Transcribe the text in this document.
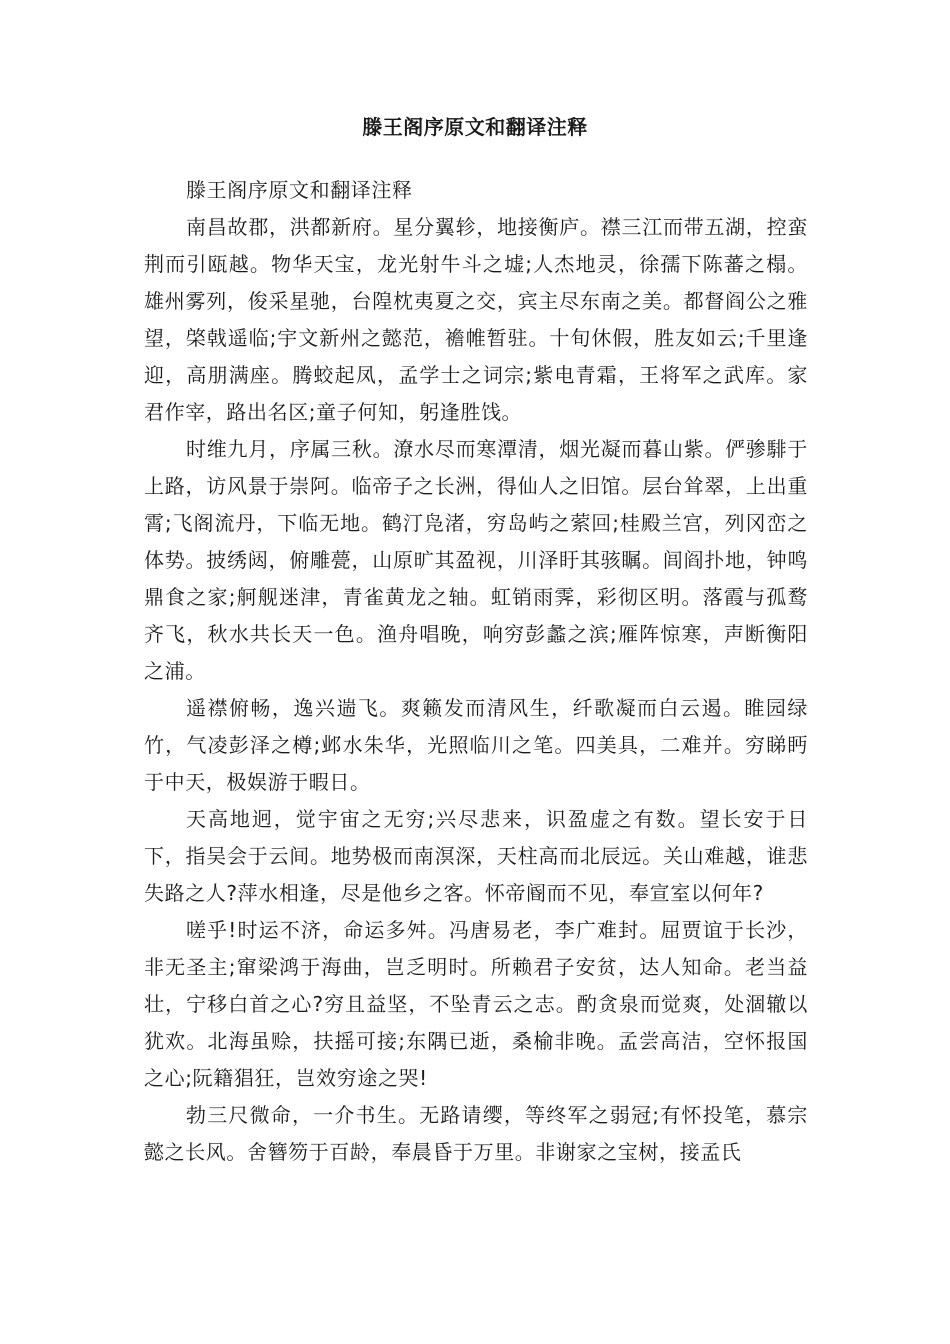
滕王阁序原文和翻译注释

滕王阁序原文和翻译注释

南昌故郡，洪都新府。星分翼轸，地接衡庐。襟三江而带五湖，控蛮荆而引瓯越。物华天宝，龙光射牛斗之墟;人杰地灵，徐孺下陈蕃之榻。雄州雾列，俊采星驰，台隍枕夷夏之交，宾主尽东南之美。都督阎公之雅望，棨戟遥临;宇文新州之懿范，襜帷暂驻。十旬休假，胜友如云;千里逢迎，高朋满座。腾蛟起凤，孟学士之词宗;紫电青霜，王将军之武库。家君作宰，路出名区;童子何知，躬逢胜饯。

时维九月，序属三秋。潦水尽而寒潭清，烟光凝而暮山紫。俨骖騑于上路，访风景于崇阿。临帝子之长洲，得仙人之旧馆。层台耸翠，上出重霄;飞阁流丹，下临无地。鹤汀凫渚，穷岛屿之萦回;桂殿兰宫，列冈峦之体势。披绣闼，俯雕甍，山原旷其盈视，川泽盱其骇瞩。闾阎扑地，钟鸣鼎食之家;舸舰迷津，青雀黄龙之轴。虹销雨霁，彩彻区明。落霞与孤鹜齐飞，秋水共长天一色。渔舟唱晚，响穷彭蠡之滨;雁阵惊寒，声断衡阳之浦。

遥襟俯畅，逸兴遄飞。爽籁发而清风生，纤歌凝而白云遏。睢园绿竹，气凌彭泽之樽;邺水朱华，光照临川之笔。四美具，二难并。穷睇眄于中天，极娱游于暇日。

天高地迥，觉宇宙之无穷;兴尽悲来，识盈虚之有数。望长安于日下，指吴会于云间。地势极而南溟深，天柱高而北辰远。关山难越，谁悲失路之人?萍水相逢，尽是他乡之客。怀帝阍而不见，奉宣室以何年?

嗟乎!时运不济，命运多舛。冯唐易老，李广难封。屈贾谊于长沙，非无圣主;窜梁鸿于海曲，岂乏明时。所赖君子安贫，达人知命。老当益壮，宁移白首之心?穷且益坚，不坠青云之志。酌贪泉而觉爽，处涸辙以犹欢。北海虽赊，扶摇可接;东隅已逝，桑榆非晚。孟尝高洁，空怀报国之心;阮籍猖狂，岂效穷途之哭!

勃三尺微命，一介书生。无路请缨，等终军之弱冠;有怀投笔，慕宗懿之长风。舍簪笏于百龄，奉晨昏于万里。非谢家之宝树，接孟氏
